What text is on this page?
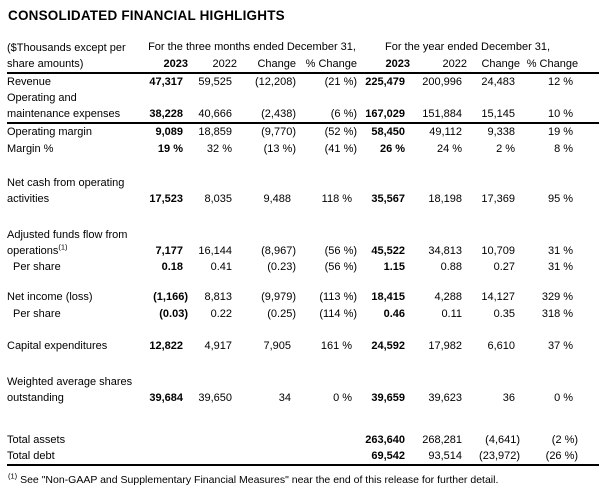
CONSOLIDATED FINANCIAL HIGHLIGHTS
($Thousands except per
share amounts)	For the three months ended December 31,				For the year ended December 31,				
	2023	2022	Change	% Change	2023	2022	Change	% Change	
Revenue	47,317	59,525	(12,208)	(21 %)	225,479	200,996	24,483	12 %	

Operating and
maintenance expenses	38,228	40,666	(2,438)	(6 %)	167,029	151,884	15,145	10 %	
Operating margin	9,089	18,859	(9,770)	(52 %)	58,450	49,112	9,338	19 %	
Margin %	19 %	32 %	(13 %)	(41 %)	26 %	24 %	2 %	8 %	

Net cash from operating
activities	17,523	8,035	9,488	118 %	35,567	18,198	17,369	95 %	

Adjusted funds flow from
operations$^{(1)}$	7,177	16,144	(8,967)	(56 %)	45,522	34,813	10,709	31 %	
Per share	0.18	0.41	(0.23)	(56 %)	1.15	0.88	0.27	31 %	

Net income (loss)	(1,166)	8,813	(9,979)	(113 %)	18,415	4,288	14,127	329 %	
Per share	(0.03)	0.22	(0.25)	(114 %)	0.46	0.11	0.35	318 %	

Capital expenditures	12,822	4,917	7,905	161 %	24,592	17,982	6,610	37 %	

Weighted average shares
outstanding	39,684	39,650	34	0 %	39,659	39,623	36	0 %	

Total assets					263,640	268,281	(4,641)	(2 %)	
Total debt					69,542	93,514	(23,972)	(26 %)	
$^{(1)}$ See "Non-GAAP and Supplementary Financial Measures" near the end of this release for further detail.
